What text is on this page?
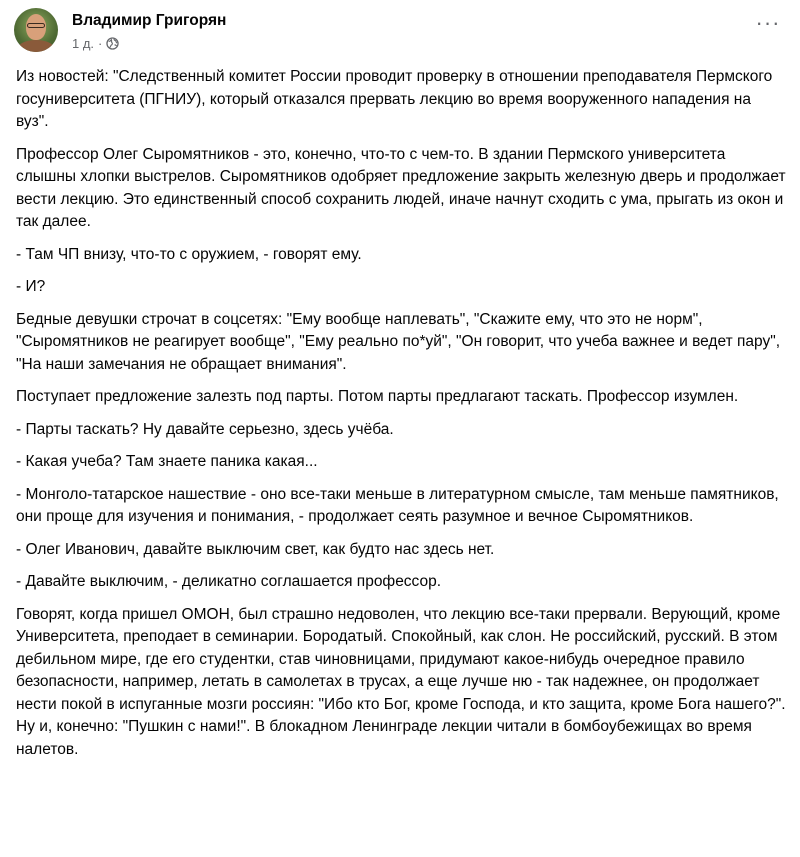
Владимир Григорян
1 д. ·
···

Из новостей: "Следственный комитет России проводит проверку в отношении преподавателя Пермского госуниверситета (ПГНИУ), который отказался прервать лекцию во время вооруженного нападения на вуз".

Профессор Олег Сыромятников - это, конечно, что-то с чем-то. В здании Пермского университета слышны хлопки выстрелов. Сыромятников одобряет предложение закрыть железную дверь и продолжает вести лекцию. Это единственный способ сохранить людей, иначе начнут сходить с ума, прыгать из окон и так далее.

- Там ЧП внизу, что-то с оружием, - говорят ему.

- И?

Бедные девушки строчат в соцсетях: "Ему вообще наплевать", "Скажите ему, что это не норм", "Сыромятников не реагирует вообще", "Ему реально по*уй", "Он говорит, что учеба важнее и ведет пару", "На наши замечания не обращает внимания".

Поступает предложение залезть под парты. Потом парты предлагают таскать. Профессор изумлен.

- Парты таскать? Ну давайте серьезно, здесь учёба.

- Какая учеба? Там знаете паника какая...

- Монголо-татарское нашествие - оно все-таки меньше в литературном смысле, там меньше памятников, они проще для изучения и понимания, - продолжает сеять разумное и вечное Сыромятников.

- Олег Иванович, давайте выключим свет, как будто нас здесь нет.

- Давайте выключим, - деликатно соглашается профессор.

Говорят, когда пришел ОМОН, был страшно недоволен, что лекцию все-таки прервали. Верующий, кроме Университета, преподает в семинарии. Бородатый. Спокойный, как слон. Не российский, русский. В этом дебильном мире, где его студентки, став чиновницами, придумают какое-нибудь очередное правило безопасности, например, летать в самолетах в трусах, а еще лучше ню - так надежнее, он продолжает нести покой в испуганные мозги россиян: "Ибо кто Бог, кроме Господа, и кто защита, кроме Бога нашего?". Ну и, конечно: "Пушкин с нами!". В блокадном Ленинграде лекции читали в бомбоубежищах во время налетов.
